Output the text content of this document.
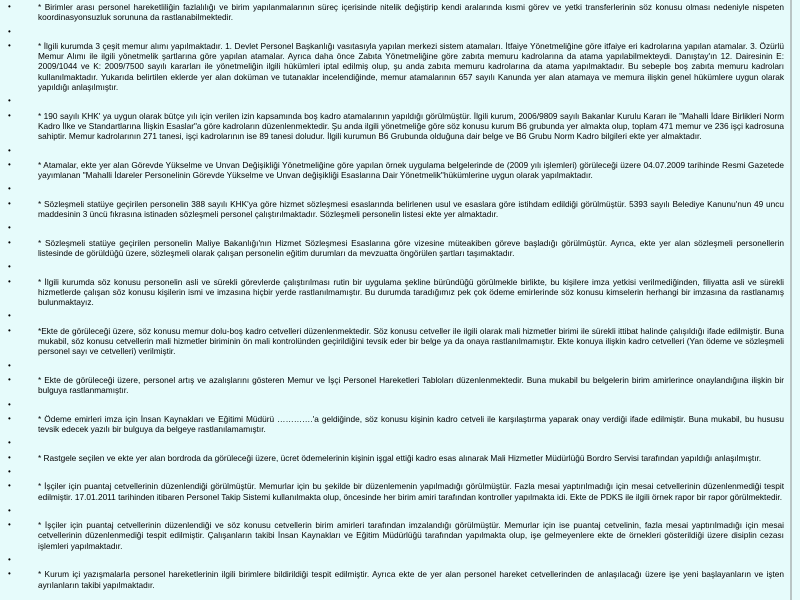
•	* Birimler arası personel hareketliliğin fazlalılığı ve birim yapılanmalarının süreç içerisinde nitelik değiştirip kendi aralarında kısmi görev ve yetki transferlerinin söz konusu olması nedeniyle nispeten koordinasyonsuzluk sorununa da rastlanabilmektedir.
•
•	* İlgili kurumda 3 çeşit memur alımı yapılmaktadır. 1. Devlet Personel Başkanlığı vasıtasıyla yapılan merkezi sistem atamaları. İtfaiye Yönetmeliğine göre itfaiye eri kadrolarına yapılan atamalar. 3. Özürlü Memur Alımı ile ilgili yönetmelik şartlarına göre yapılan atamalar. Ayrıca daha önce Zabıta Yönetmeliğine göre zabıta memuru kadrolarına da atama yapılabilmekteydi. Danıştay'ın 12. Dairesinin E: 2009/1044 ve K: 2009/7500 sayılı kararları ile yönetmeliğin ilgili hükümleri iptal edilmiş olup, şu anda zabıta memuru kadrolarına da atama yapılmaktadır. Bu sebeple boş zabıta memuru kadroları kullanılmaktadır. Yukarıda belirtilen eklerde yer alan doküman ve tutanaklar incelendiğinde, memur atamalarının 657 sayılı Kanunda yer alan atamaya ve memura ilişkin genel hükümlere uygun olarak yapıldığı anlaşılmıştır.
•
•	* 190 sayılı KHK' ya uygun olarak bütçe yılı için verilen izin kapsamında boş kadro atamalarının yapıldığı görülmüştür. İlgili kurum, 2006/9809 sayılı Bakanlar Kurulu Kararı ile "Mahalli İdare Birlikleri Norm Kadro İlke ve Standartlarına İlişkin Esaslar"a göre kadroların düzenlenmektedir. Şu anda ilgili yönetmeliğe göre söz konusu kurum B6 grubunda yer almakta olup, toplam 471 memur ve 236 işçi kadrosuna sahiptir. Memur kadrolarının 271 tanesi, işçi kadrolarının ise 89 tanesi doludur. İlgili kurumun B6 Grubunda olduğuna dair belge ve B6 Grubu Norm Kadro bilgileri ekte yer almaktadır.
•
•	* Atamalar, ekte yer alan Görevde Yükselme ve Unvan Değişikliği Yönetmeliğine göre yapılan örnek uygulama belgelerinde de (2009 yılı işlemleri) görüleceği üzere 04.07.2009 tarihinde Resmi Gazetede yayımlanan "Mahalli İdareler Personelinin Görevde Yükselme ve Unvan değişikliği Esaslarına Dair Yönetmelik"hükümlerine uygun olarak yapılmaktadır.
•
•	* Sözleşmeli statüye geçirilen personelin 388 sayılı KHK'ya göre hizmet sözleşmesi esaslarında belirlenen usul ve esaslara göre istihdam edildiği görülmüştür. 5393 sayılı Belediye Kanunu'nun 49 uncu maddesinin 3 üncü fıkrasına istinaden sözleşmeli personel çalıştırılmaktadır. Sözleşmeli personelin listesi ekte yer almaktadır.
•
•	* Sözleşmeli statüye geçirilen personelin Maliye Bakanlığı'nın Hizmet Sözleşmesi Esaslarına göre vizesine müteakiben göreve başladığı görülmüştür. Ayrıca, ekte yer alan sözleşmeli personellerin listesinde de görüldüğü üzere, sözleşmeli olarak çalışan personelin eğitim durumları da mevzuatta öngörülen şartları taşımaktadır.
•
•	* İlgili kurumda söz konusu personelin asli ve sürekli görevlerde çalıştırılması rutin bir uygulama şekline büründüğü görülmekle birlikte, bu kişilere imza yetkisi verilmediğinden, filiyatta asli ve sürekli hizmetlerde çalışan söz konusu kişilerin ismi ve imzasına hiçbir yerde rastlanılmamıştır. Bu durumda taradığımız pek çok ödeme emirlerinde söz konusu kimselerin herhangi bir imzasına da rastlanamış bulunmaktayız.
•
•	*Ekte de görüleceği üzere, söz konusu memur dolu-boş kadro cetvelleri düzenlenmektedir. Söz konusu cetveller ile ilgili olarak mali hizmetler birimi ile sürekli ittibat halinde çalışıldığı ifade edilmiştir. Buna mukabil, söz konusu cetvellerin mali hizmetler biriminin ön mali kontrolünden geçirildiğini tevsik eder bir belge ya da onaya rastlanılmamıştır. Ekte konuya ilişkin kadro cetvelleri (Yan ödeme ve sözleşmeli personel sayı ve cetvelleri) verilmiştir.
•
•	* Ekte de görüleceği üzere, personel artış ve azalışlarını gösteren Memur ve İşçi Personel Hareketleri Tabloları düzenlenmektedir. Buna mukabil bu belgelerin birim amirlerince onaylandığına ilişkin bir bulguya rastlanmamıştır.
•
•	* Ödeme emirleri imza için İnsan Kaynakları ve Eğitimi Müdürü ………….'a geldiğinde, söz konusu kişinin kadro cetveli ile karşılaştırma yaparak onay verdiği ifade edilmiştir. Buna mukabil, bu hususu tevsik edecek yazılı bir bulguya da belgeye rastlanılamamıştır.
•
•	* Rastgele seçilen ve ekte yer alan bordroda da görüleceği üzere, ücret ödemelerinin kişinin işgal ettiği kadro esas alınarak Mali Hizmetler Müdürlüğü Bordro Servisi tarafından yapıldığı anlaşılmıştır.
•
•	* İşçiler için puantaj cetvellerinin düzenlendiği görülmüştür. Memurlar için bu şekilde bir düzenlemenin yapılmadığı görülmüştür. Fazla mesai yaptırılmadığı için mesai cetvellerinin düzenlenmediği tespit edilmiştir. 17.01.2011 tarihinden itibaren Personel Takip Sistemi kullanılmakta olup, öncesinde her birim amiri tarafından kontroller yapılmakta idi. Ekte de PDKS ile ilgili örnek rapor bir rapor görülmektedir.
•
•	* İşçiler için puantaj cetvellerinin düzenlendiği ve söz konusu cetvellerin birim amirleri tarafından imzalandığı görülmüştür. Memurlar için ise puantaj cetvelinin, fazla mesai yaptırılmadığı için mesai cetvellerinin düzenlenmediği tespit edilmiştir. Çalışanların takibi İnsan Kaynakları ve Eğitim Müdürlüğü tarafından yapılmakta olup, işe gelmeyenlere ekte de örnekleri gösterildiği üzere disiplin cezası işlemleri yapılmaktadır.
•
•	* Kurum içi yazışmalarla personel hareketlerinin ilgili birimlere bildirildiği tespit edilmiştir. Ayrıca ekte de yer alan personel hareket cetvellerinden de anlaşılacağı üzere işe yeni başlayanların ve işten ayrılanların takibi yapılmaktadır.
